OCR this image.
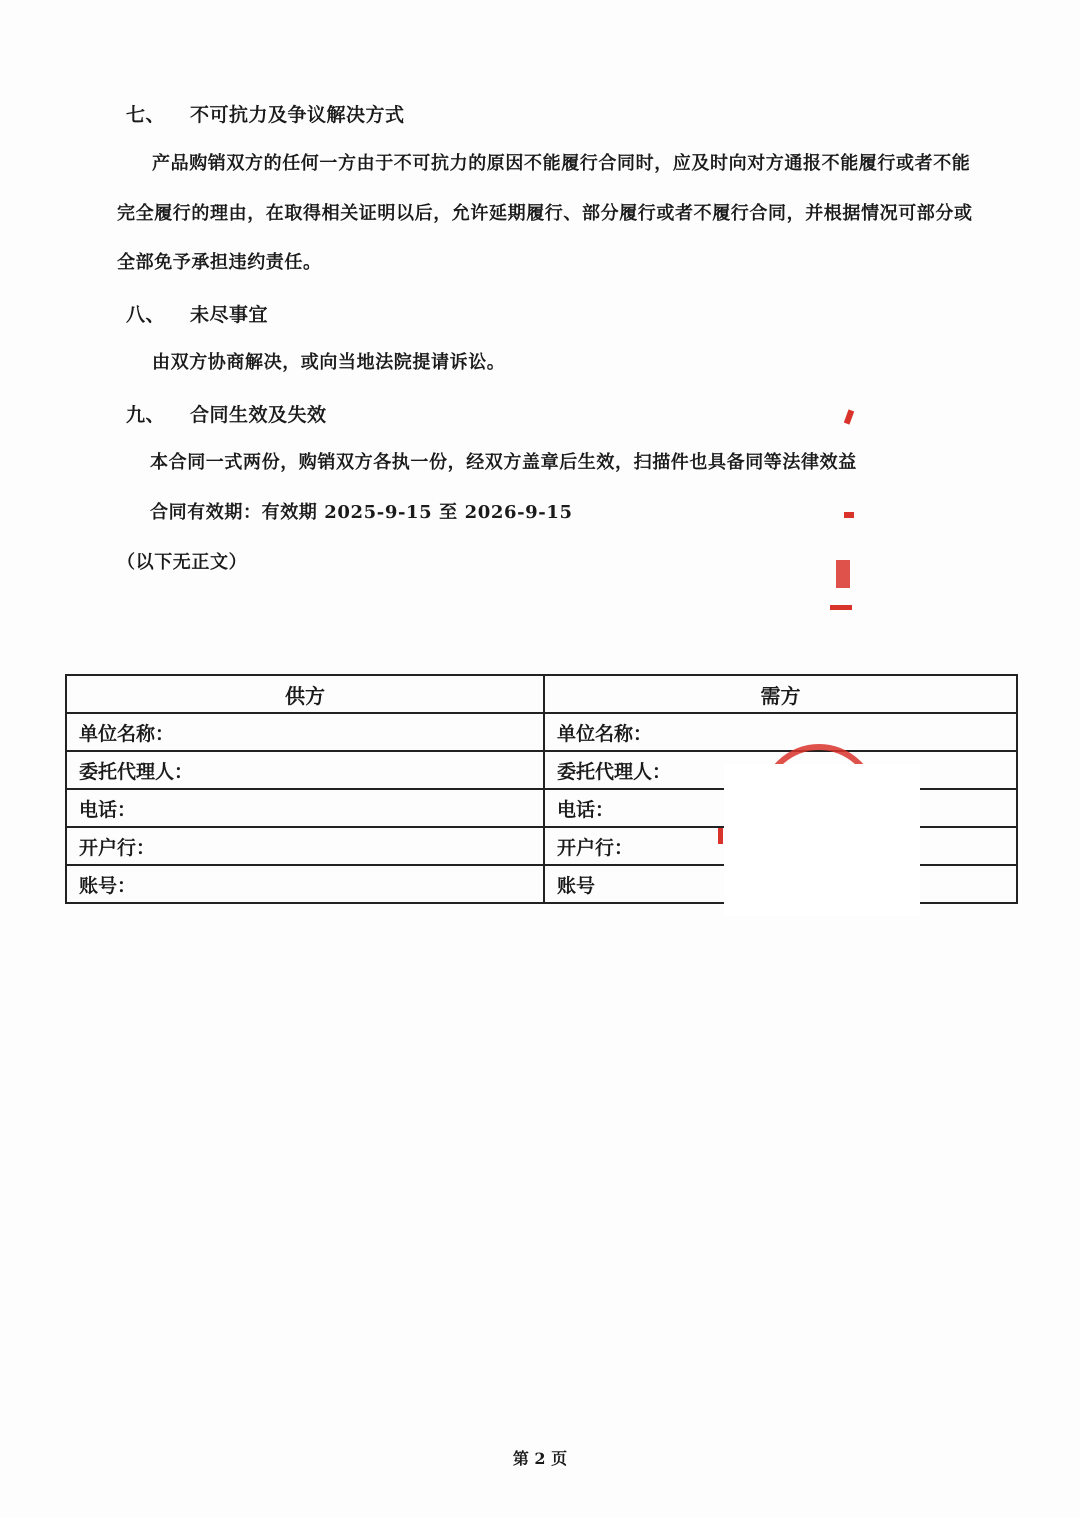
七、 不可抗力及争议解决方式
产品购销双方的任何一方由于不可抗力的原因不能履行合同时，应及时向对方通报不能履行或者不能
完全履行的理由，在取得相关证明以后，允许延期履行、部分履行或者不履行合同，并根据情况可部分或
全部免予承担违约责任。
八、 未尽事宜
由双方协商解决，或向当地法院提请诉讼。
九、 合同生效及失效
本合同一式两份，购销双方各执一份，经双方盖章后生效，扫描件也具备同等法律效益
合同有效期：有效期 2025-9-15 至 2026-9-15
（以下无正文）
供方	需方
单位名称：	单位名称：
委托代理人：	委托代理人：
电话：	电话：
开户行：	开户行：
账号：	账号
第 2 页
